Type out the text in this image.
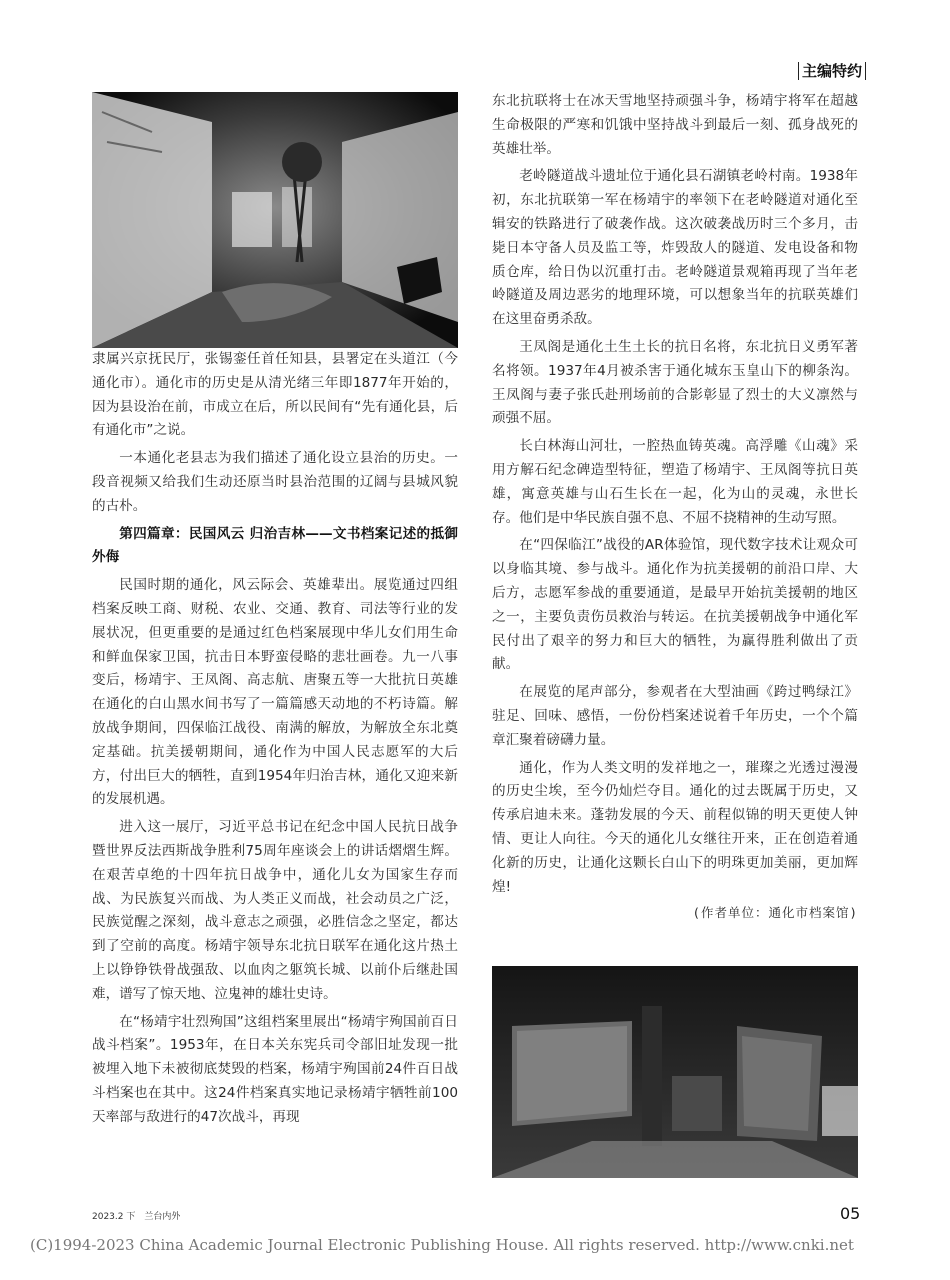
主编特约

隶属兴京抚民厅，张锡銮任首任知县，县署定在头道江（今通化市）。通化市的历史是从清光绪三年即1877年开始的，因为县设治在前，市成立在后，所以民间有“先有通化县，后有通化市”之说。

一本通化老县志为我们描述了通化设立县治的历史。一段音视频又给我们生动还原当时县治范围的辽阔与县城风貌的古朴。

第四篇章：民国风云 归治吉林——文书档案记述的抵御外侮

民国时期的通化，风云际会、英雄辈出。展览通过四组档案反映工商、财税、农业、交通、教育、司法等行业的发展状况，但更重要的是通过红色档案展现中华儿女们用生命和鲜血保家卫国，抗击日本野蛮侵略的悲壮画卷。九一八事变后，杨靖宇、王凤阁、高志航、唐聚五等一大批抗日英雄在通化的白山黑水间书写了一篇篇感天动地的不朽诗篇。解放战争期间，四保临江战役、南满的解放，为解放全东北奠定基础。抗美援朝期间，通化作为中国人民志愿军的大后方，付出巨大的牺牲，直到1954年归治吉林，通化又迎来新的发展机遇。

进入这一展厅，习近平总书记在纪念中国人民抗日战争暨世界反法西斯战争胜利75周年座谈会上的讲话熠熠生辉。在艰苦卓绝的十四年抗日战争中，通化儿女为国家生存而战、为民族复兴而战、为人类正义而战，社会动员之广泛，民族觉醒之深刻，战斗意志之顽强，必胜信念之坚定，都达到了空前的高度。杨靖宇领导东北抗日联军在通化这片热土上以铮铮铁骨战强敌、以血肉之躯筑长城、以前仆后继赴国难，谱写了惊天地、泣鬼神的雄壮史诗。

在“杨靖宇壮烈殉国”这组档案里展出“杨靖宇殉国前百日战斗档案”。1953年，在日本关东宪兵司令部旧址发现一批被埋入地下未被彻底焚毁的档案，杨靖宇殉国前24件百日战斗档案也在其中。这24件档案真实地记录杨靖宇牺牲前100天率部与敌进行的47次战斗，再现

东北抗联将士在冰天雪地坚持顽强斗争，杨靖宇将军在超越生命极限的严寒和饥饿中坚持战斗到最后一刻、孤身战死的英雄壮举。

老岭隧道战斗遗址位于通化县石湖镇老岭村南。1938年初，东北抗联第一军在杨靖宇的率领下在老岭隧道对通化至辑安的铁路进行了破袭作战。这次破袭战历时三个多月，击毙日本守备人员及监工等，炸毁敌人的隧道、发电设备和物质仓库，给日伪以沉重打击。老岭隧道景观箱再现了当年老岭隧道及周边恶劣的地理环境，可以想象当年的抗联英雄们在这里奋勇杀敌。

王凤阁是通化土生土长的抗日名将，东北抗日义勇军著名将领。1937年4月被杀害于通化城东玉皇山下的柳条沟。王凤阁与妻子张氏赴刑场前的合影彰显了烈士的大义凛然与顽强不屈。

长白林海山河壮，一腔热血铸英魂。高浮雕《山魂》采用方解石纪念碑造型特征，塑造了杨靖宇、王凤阁等抗日英雄，寓意英雄与山石生长在一起，化为山的灵魂，永世长存。他们是中华民族自强不息、不屈不挠精神的生动写照。

在“四保临江”战役的AR体验馆，现代数字技术让观众可以身临其境、参与战斗。通化作为抗美援朝的前沿口岸、大后方，志愿军参战的重要通道，是最早开始抗美援朝的地区之一，主要负责伤员救治与转运。在抗美援朝战争中通化军民付出了艰辛的努力和巨大的牺牲，为赢得胜利做出了贡献。

在展览的尾声部分，参观者在大型油画《跨过鸭绿江》驻足、回味、感悟，一份份档案述说着千年历史，一个个篇章汇聚着磅礴力量。

通化，作为人类文明的发祥地之一，璀璨之光透过漫漫的历史尘埃，至今仍灿烂夺目。通化的过去既属于历史，又传承启迪未来。蓬勃发展的今天、前程似锦的明天更使人钟情、更让人向往。今天的通化儿女继往开来，正在创造着通化新的历史，让通化这颗长白山下的明珠更加美丽，更加辉煌!

(作者单位：通化市档案馆)

2023.2 下　兰台内外	05
(C)1994-2023 China Academic Journal Electronic Publishing House. All rights reserved. http://www.cnki.net
